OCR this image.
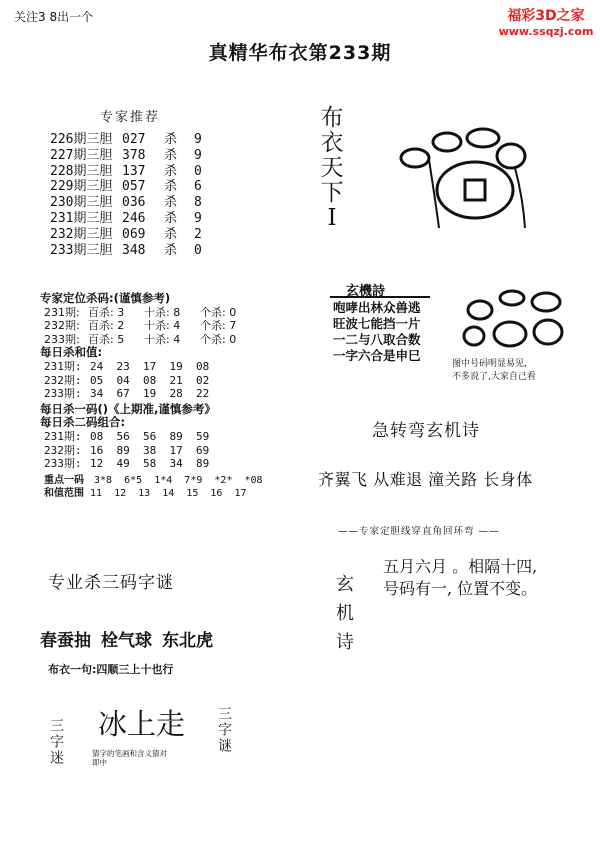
关注3 8出一个	福彩3D之家
www.ssqzj.com
真精华布衣第233期
专家推荐
226期三胆 027 杀 9
227期三胆 378 杀 9
228期三胆 137 杀 0
229期三胆 057 杀 6
230期三胆 036 杀 8
231期三胆 246 杀 9
232期三胆 069 杀 2
233期三胆 348 杀 0
专家定位杀码:(谨慎参考)
231期: 百杀: 3 十杀: 8 个杀: 0
232期: 百杀: 2 十杀: 4 个杀: 7
233期: 百杀: 5 十杀: 4 个杀: 0
每日杀和值:
231期: 24  23  17  19  08
232期: 05  04  08  21  02
233期: 34  67  19  28  22
每日杀一码()《上期准,谨慎参考》
每日杀二码组合:
231期: 08  56  56  89  59
232期: 16  89  38  17  69
233期: 12  49  58  34  89
重点一码 3*8  6*5  1*4  7*9  *2*  *08
和值范围 11  12  13  14  15  16  17
专业杀三码字谜
春蚕抽 栓气球 东北虎
布衣一句:四顺三上十也行
冰上走
猜字的笔画和含义猜对即中
三字迷	三字谜
布衣天下I
玄機詩
咆哮出林众兽逃
旺波七能挡一片
一二与八取合数
一字六合是申巳
图中号码明显易见,
不多说了,大家自己看
急转弯玄机诗
齐翼飞 从难退 潼关路 长身体
——专家定胆线穿直角回环弯 ——
玄机诗
五月六月 。相隔十四,
号码有一, 位置不变。
